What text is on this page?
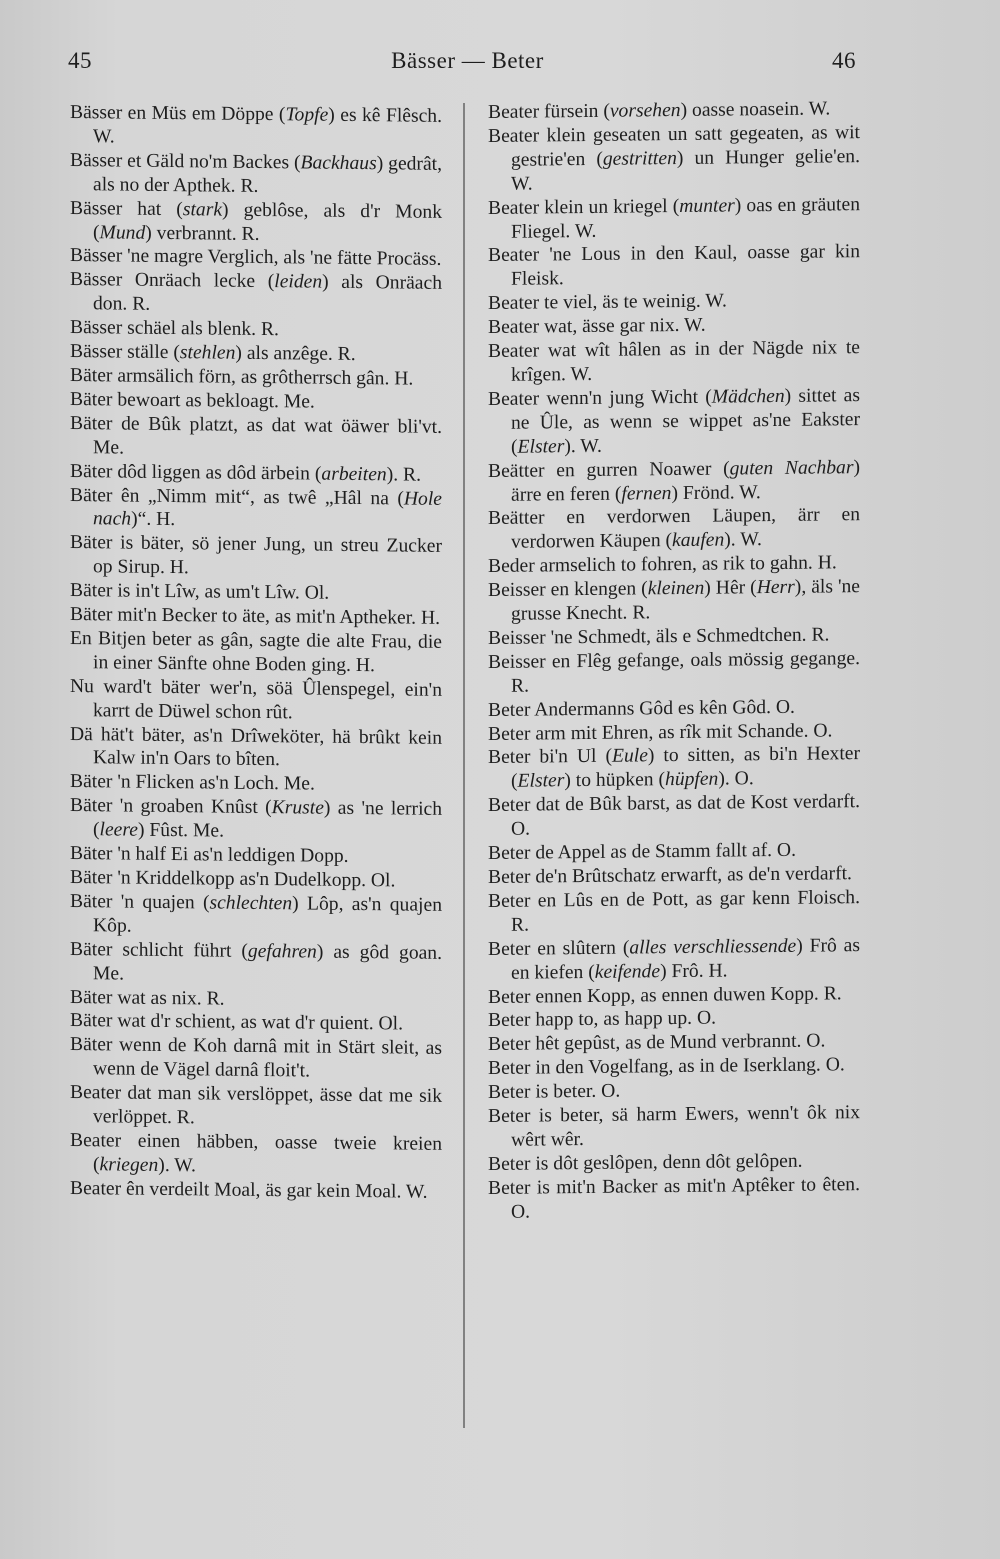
45	Bässer — Beter	46
Bässer en Müs em Döppe (Topfe) es kê Flêsch. W.
Bässer et Gäld no'm Backes (Backhaus) gedrât, als no der Apthek. R.
Bässer hat (stark) geblôse, als d'r Monk (Mund) verbrannt. R.
Bässer 'ne magre Verglich, als 'ne fätte Procäss.
Bässer Onräach lecke (leiden) als Onräach don. R.
Bässer schäel als blenk. R.
Bässer ställe (stehlen) als anzêge. R.
Bäter armsälich förn, as grôtherrsch gân. H.
Bäter bewoart as bekloagt. Me.
Bäter de Bûk platzt, as dat wat öäwer bli'vt. Me.
Bäter dôd liggen as dôd ärbein (arbeiten). R.
Bäter ên „Nimm mit“, as twê „Hâl na (Hole nach)“. H.
Bäter is bäter, sö jener Jung, un streu Zucker op Sirup. H.
Bäter is in't Lîw, as um't Lîw. Ol.
Bäter mit'n Becker to äte, as mit'n Aptheker. H.
En Bitjen beter as gân, sagte die alte Frau, die in einer Sänfte ohne Boden ging. H.
Nu ward't bäter wer'n, söä Ûlenspegel, ein'n karrt de Düwel schon rût.
Dä hät't bäter, as'n Drîweköter, hä brûkt kein Kalw in'n Oars to bîten.
Bäter 'n Flicken as'n Loch. Me.
Bäter 'n groaben Knûst (Kruste) as 'ne lerrich (leere) Fûst. Me.
Bäter 'n half Ei as'n leddigen Dopp.
Bäter 'n Kriddelkopp as'n Dudelkopp. Ol.
Bäter 'n quajen (schlechten) Lôp, as'n quajen Kôp.
Bäter schlicht führt (gefahren) as gôd goan. Me.
Bäter wat as nix. R.
Bäter wat d'r schient, as wat d'r quient. Ol.
Bäter wenn de Koh darnâ mit in Stärt sleit, as wenn de Vägel darnâ floit't.
Beater dat man sik verslöppet, ässe dat me sik verlöppet. R.
Beater einen häbben, oasse tweie kreien (kriegen). W.
Beater ên verdeilt Moal, äs gar kein Moal. W.
Beater fürsein (vorsehen) oasse noasein. W.
Beater klein geseaten un satt gegeaten, as wit gestrie'en (gestritten) un Hunger gelie'en. W.
Beater klein un kriegel (munter) oas en gräuten Fliegel. W.
Beater 'ne Lous in den Kaul, oasse gar kin Fleisk.
Beater te viel, äs te weinig. W.
Beater wat, ässe gar nix. W.
Beater wat wît hâlen as in der Nägde nix te krîgen. W.
Beater wenn'n jung Wicht (Mädchen) sittet as ne Ûle, as wenn se wippet as'ne Eakster (Elster). W.
Beätter en gurren Noawer (guten Nachbar) ärre en feren (fernen) Frönd. W.
Beätter en verdorwen Läupen, ärr en verdorwen Käupen (kaufen). W.
Beder armselich to fohren, as rik to gahn. H.
Beisser en klengen (kleinen) Hêr (Herr), äls 'ne grusse Knecht. R.
Beisser 'ne Schmedt, äls e Schmedtchen. R.
Beisser en Flêg gefange, oals mössig gegange. R.
Beter Andermanns Gôd es kên Gôd. O.
Beter arm mit Ehren, as rîk mit Schande. O.
Beter bi'n Ul (Eule) to sitten, as bi'n Hexter (Elster) to hüpken (hüpfen). O.
Beter dat de Bûk barst, as dat de Kost verdarft. O.
Beter de Appel as de Stamm fallt af. O.
Beter de'n Brûtschatz erwarft, as de'n verdarft.
Beter en Lûs en de Pott, as gar kenn Floisch. R.
Beter en slûtern (alles verschliessende) Frô as en kiefen (keifende) Frô. H.
Beter ennen Kopp, as ennen duwen Kopp. R.
Beter happ to, as happ up. O.
Beter hêt gepûst, as de Mund verbrannt. O.
Beter in den Vogelfang, as in de Iserklang. O.
Beter is beter. O.
Beter is beter, sä harm Ewers, wenn't ôk nix wêrt wêr.
Beter is dôt geslôpen, denn dôt gelôpen.
Beter is mit'n Backer as mit'n Aptêker to êten. O.
